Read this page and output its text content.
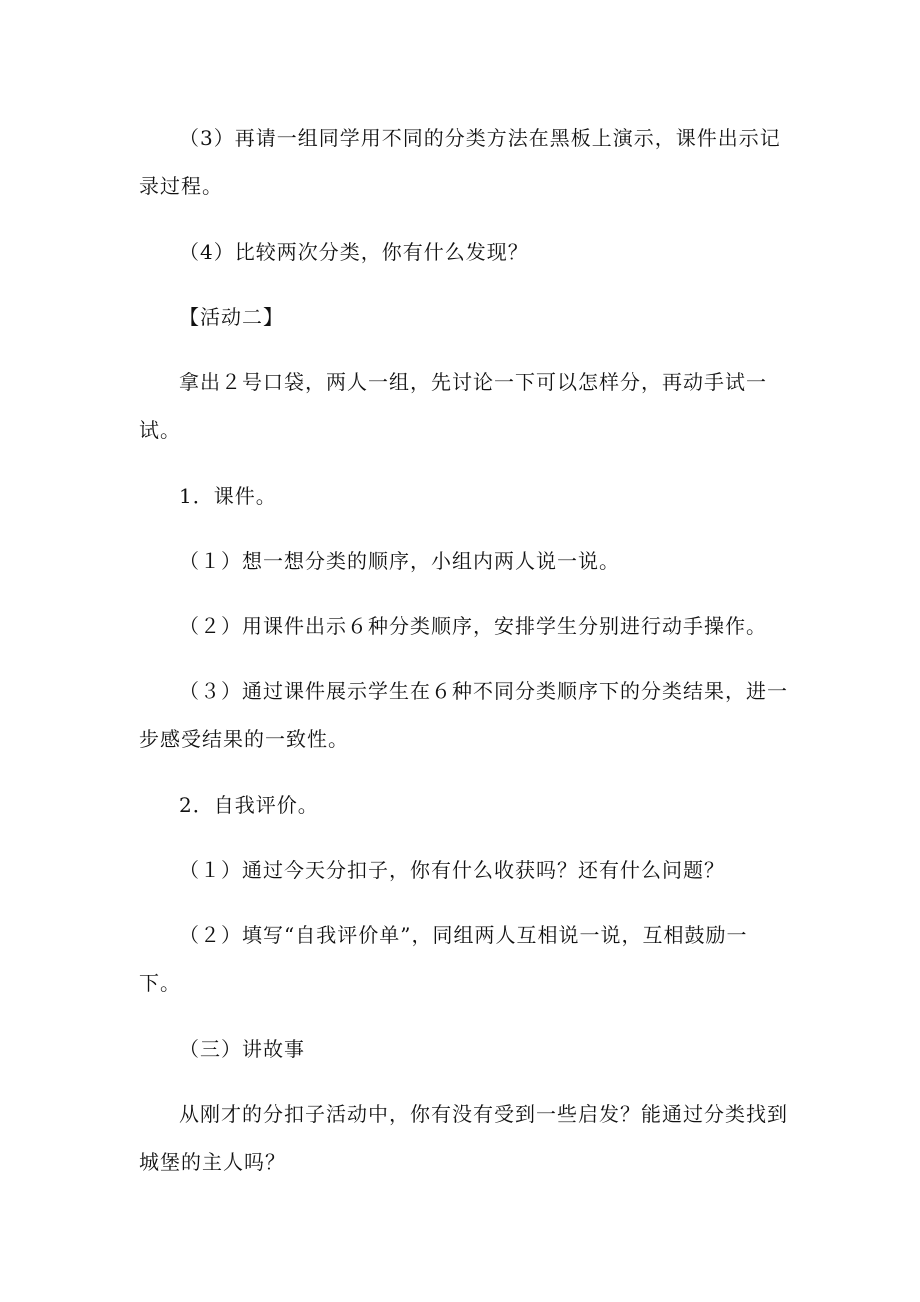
（3）再请一组同学用不同的分类方法在黑板上演示，课件出示记录过程。

（4）比较两次分类，你有什么发现？

【活动二】

拿出２号口袋，两人一组，先讨论一下可以怎样分，再动手试一试。

1．课件。

（１）想一想分类的顺序，小组内两人说一说。

（２）用课件出示６种分类顺序，安排学生分别进行动手操作。

（３）通过课件展示学生在６种不同分类顺序下的分类结果，进一步感受结果的一致性。

2．自我评价。

（１）通过今天分扣子，你有什么收获吗？还有什么问题？

（２）填写“自我评价单”，同组两人互相说一说，互相鼓励一下。

（三）讲故事

从刚才的分扣子活动中，你有没有受到一些启发？能通过分类找到城堡的主人吗？
